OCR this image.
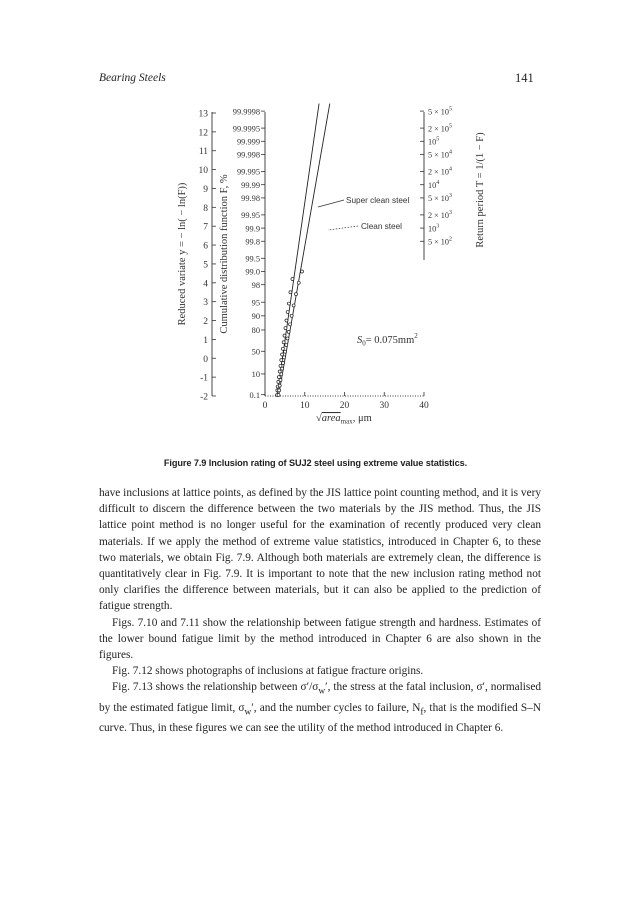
Bearing Steels	141
13
12
11
10
9
8
7
6
5
4
3
2
1
0
-1
-2
99.9998
99.9995
99.999
99.998
99.995
99.99
99.98
99.95
99.9
99.8
99.5
99.0
98
95
90
80
50
10
0.1
$5 \times 10^5$
$2 \times 10^5$
$10^5$
$5 \times 10^4$
$2 \times 10^4$
$10^4$
$5 \times 10^3$
$2 \times 10^3$
$10^3$
$5 \times 10^2$
0	10	20	30	40
Reduced variate y = − ln( − ln(F))	Cumulative distribution function F, %	Return period T = 1/(1 − F)
Super clean steel
Clean steel
$S_0= 0.075mm^2$
√area$_{max}$, μm
Figure 7.9 Inclusion rating of SUJ2 steel using extreme value statistics.

have inclusions at lattice points, as defined by the JIS lattice point counting method, and it is very difficult to discern the difference between the two materials by the JIS method. Thus, the JIS lattice point method is no longer useful for the examination of recently produced very clean materials. If we apply the method of extreme value statistics, introduced in Chapter 6, to these two materials, we obtain Fig. 7.9. Although both materials are extremely clean, the difference is quantitatively clear in Fig. 7.9. It is important to note that the new inclusion rating method not only clarifies the difference between materials, but it can also be applied to the prediction of fatigue strength.

Figs. 7.10 and 7.11 show the relationship between fatigue strength and hardness. Estimates of the lower bound fatigue limit by the method introduced in Chapter 6 are also shown in the figures.

Fig. 7.12 shows photographs of inclusions at fatigue fracture origins.

Fig. 7.13 shows the relationship between $\sigma'/\sigma_w'$, the stress at the fatal inclusion, σ′, normalised by the estimated fatigue limit, $\sigma_w'$, and the number cycles to failure, $N_f$, that is the modified S–N curve. Thus, in these figures we can see the utility of the method introduced in Chapter 6.
